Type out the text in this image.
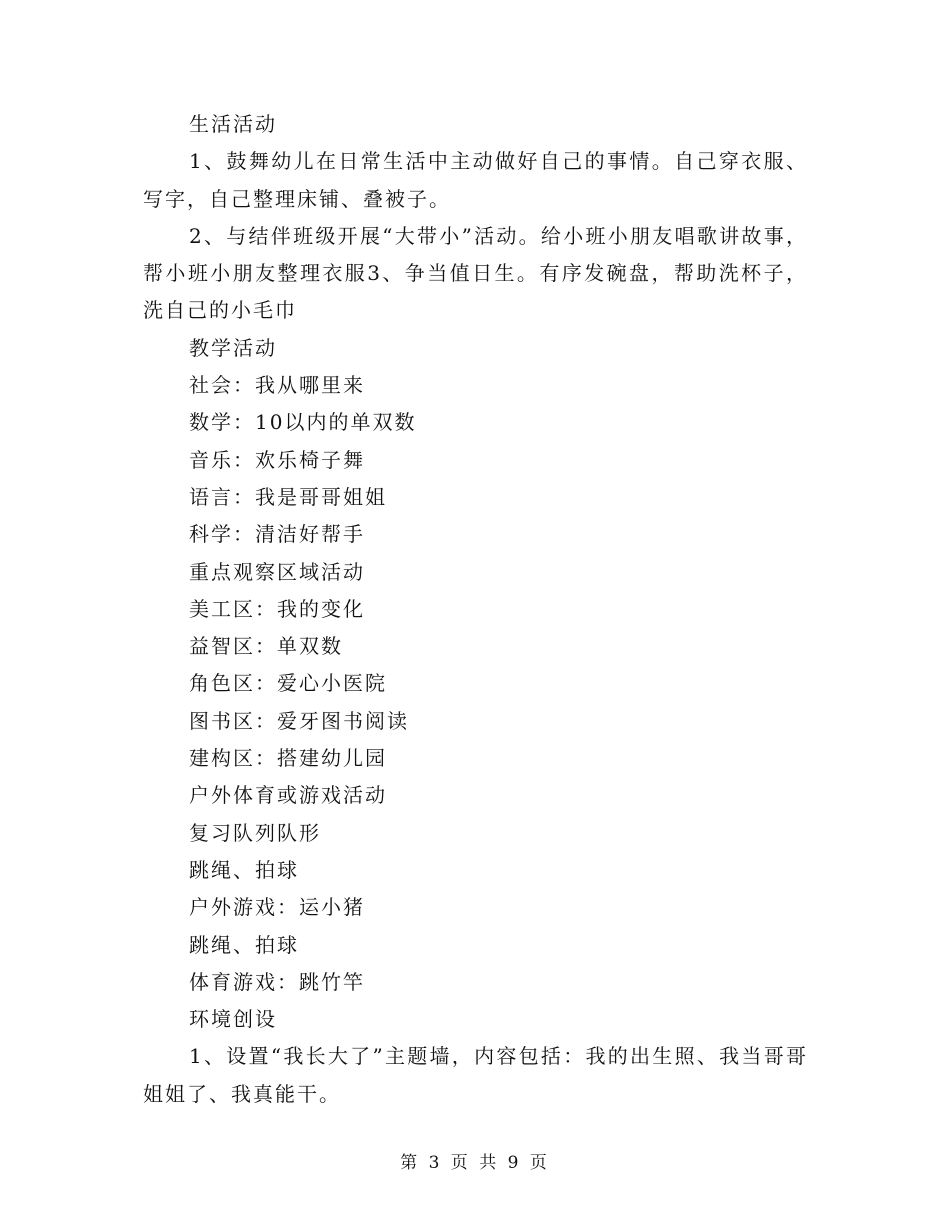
生活活动

1、鼓舞幼儿在日常生活中主动做好自己的事情。自己穿衣服、写字，自己整理床铺、叠被子。

2、与结伴班级开展“大带小”活动。给小班小朋友唱歌讲故事，帮小班小朋友整理衣服3、争当值日生。有序发碗盘，帮助洗杯子，洗自己的小毛巾

教学活动

社会：我从哪里来

数学：10以内的单双数

音乐：欢乐椅子舞

语言：我是哥哥姐姐

科学：清洁好帮手

重点观察区域活动

美工区：我的变化

益智区：单双数

角色区：爱心小医院

图书区：爱牙图书阅读

建构区：搭建幼儿园

户外体育或游戏活动

复习队列队形

跳绳、拍球

户外游戏：运小猪

跳绳、拍球

体育游戏：跳竹竿

环境创设

1、设置“我长大了”主题墙，内容包括：我的出生照、我当哥哥姐姐了、我真能干。

第 3 页 共 9 页
